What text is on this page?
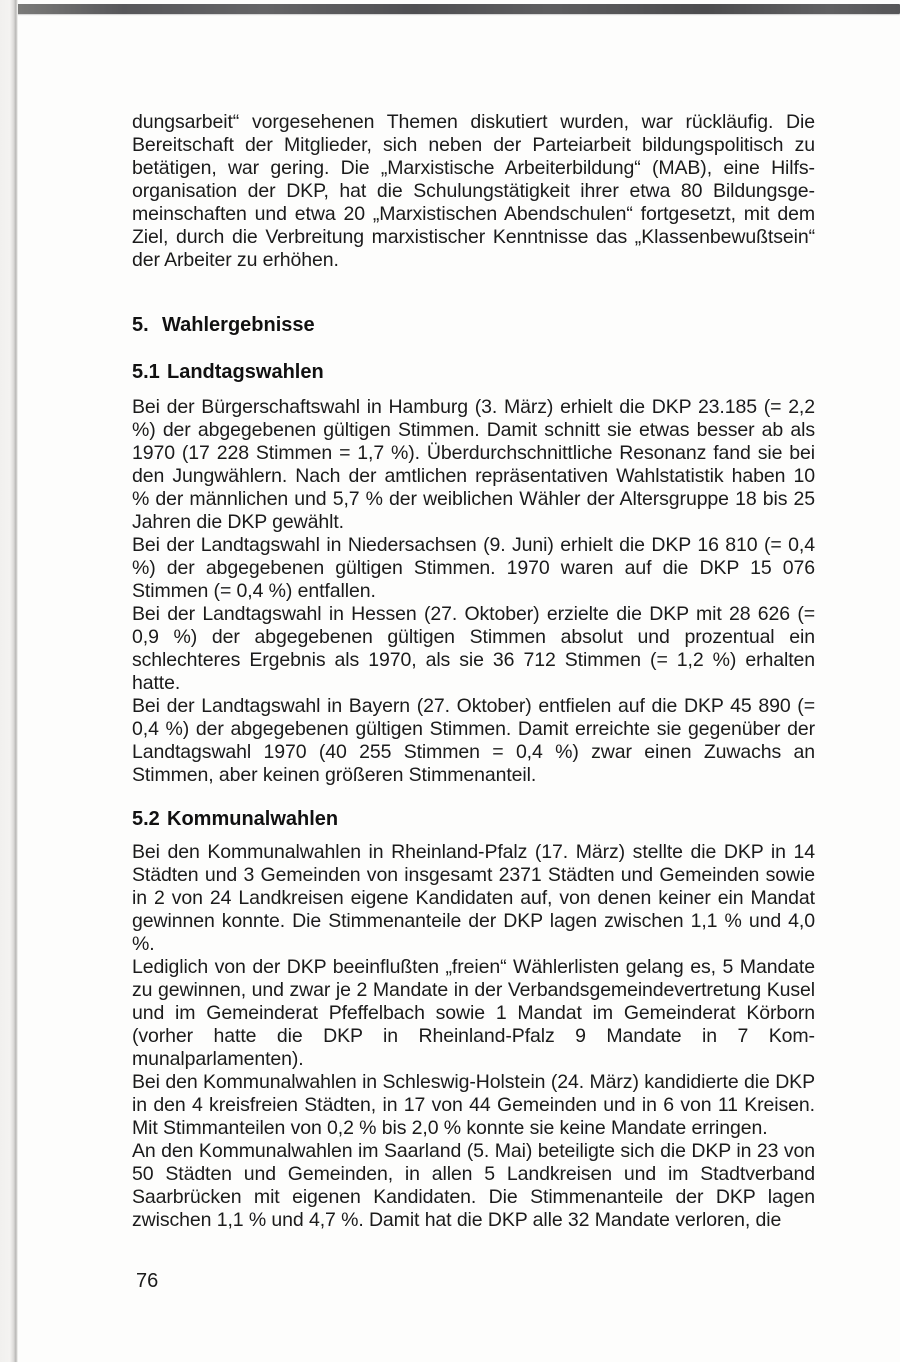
dungsarbeit“ vorgesehenen Themen diskutiert wurden, war rückläufig. Die Bereitschaft der Mitglieder, sich neben der Parteiarbeit bildungspolitisch zu betätigen, war gering. Die „Marxistische Arbeiterbildung“ (MAB), eine Hilfsorganisation der DKP, hat die Schulungstätigkeit ihrer etwa 80 Bildungsgemeinschaften und etwa 20 „Marxistischen Abendschulen“ fortgesetzt, mit dem Ziel, durch die Verbreitung marxistischer Kenntnisse das „Klassenbewußtsein“ der Arbeiter zu erhöhen.

5. Wahlergebnisse
5.1 Landtagswahlen

Bei der Bürgerschaftswahl in Hamburg (3. März) erhielt die DKP 23.185 (= 2,2 %) der abgegebenen gültigen Stimmen. Damit schnitt sie etwas besser ab als 1970 (17 228 Stimmen = 1,7 %). Überdurchschnittliche Resonanz fand sie bei den Jungwählern. Nach der amtlichen repräsentativen Wahlstatistik haben 10 % der männlichen und 5,7 % der weiblichen Wähler der Altersgruppe 18 bis 25 Jahren die DKP gewählt.

Bei der Landtagswahl in Niedersachsen (9. Juni) erhielt die DKP 16 810 (= 0,4 %) der abgegebenen gültigen Stimmen. 1970 waren auf die DKP 15 076 Stimmen (= 0,4 %) entfallen.

Bei der Landtagswahl in Hessen (27. Oktober) erzielte die DKP mit 28 626 (= 0,9 %) der abgegebenen gültigen Stimmen absolut und prozentual ein schlechteres Ergebnis als 1970, als sie 36 712 Stimmen (= 1,2 %) erhalten hatte.

Bei der Landtagswahl in Bayern (27. Oktober) entfielen auf die DKP 45 890 (= 0,4 %) der abgegebenen gültigen Stimmen. Damit erreichte sie gegenüber der Landtagswahl 1970 (40 255 Stimmen = 0,4 %) zwar einen Zuwachs an Stimmen, aber keinen größeren Stimmenanteil.

5.2 Kommunalwahlen

Bei den Kommunalwahlen in Rheinland-Pfalz (17. März) stellte die DKP in 14 Städten und 3 Gemeinden von insgesamt 2371 Städten und Gemeinden sowie in 2 von 24 Landkreisen eigene Kandidaten auf, von denen keiner ein Mandat gewinnen konnte. Die Stimmenanteile der DKP lagen zwischen 1,1 % und 4,0 %.

Lediglich von der DKP beeinflußten „freien“ Wählerlisten gelang es, 5 Mandate zu gewinnen, und zwar je 2 Mandate in der Verbandsgemeindevertretung Kusel und im Gemeinderat Pfeffelbach sowie 1 Mandat im Gemeinderat Körborn (vorher hatte die DKP in Rheinland-Pfalz 9 Mandate in 7 Kommunalparlamenten).

Bei den Kommunalwahlen in Schleswig-Holstein (24. März) kandidierte die DKP in den 4 kreisfreien Städten, in 17 von 44 Gemeinden und in 6 von 11 Kreisen. Mit Stimmanteilen von 0,2 % bis 2,0 % konnte sie keine Mandate erringen.

An den Kommunalwahlen im Saarland (5. Mai) beteiligte sich die DKP in 23 von 50 Städten und Gemeinden, in allen 5 Landkreisen und im Stadtverband Saarbrücken mit eigenen Kandidaten. Die Stimmenanteile der DKP lagen zwischen 1,1 % und 4,7 %. Damit hat die DKP alle 32 Mandate verloren, die

76
